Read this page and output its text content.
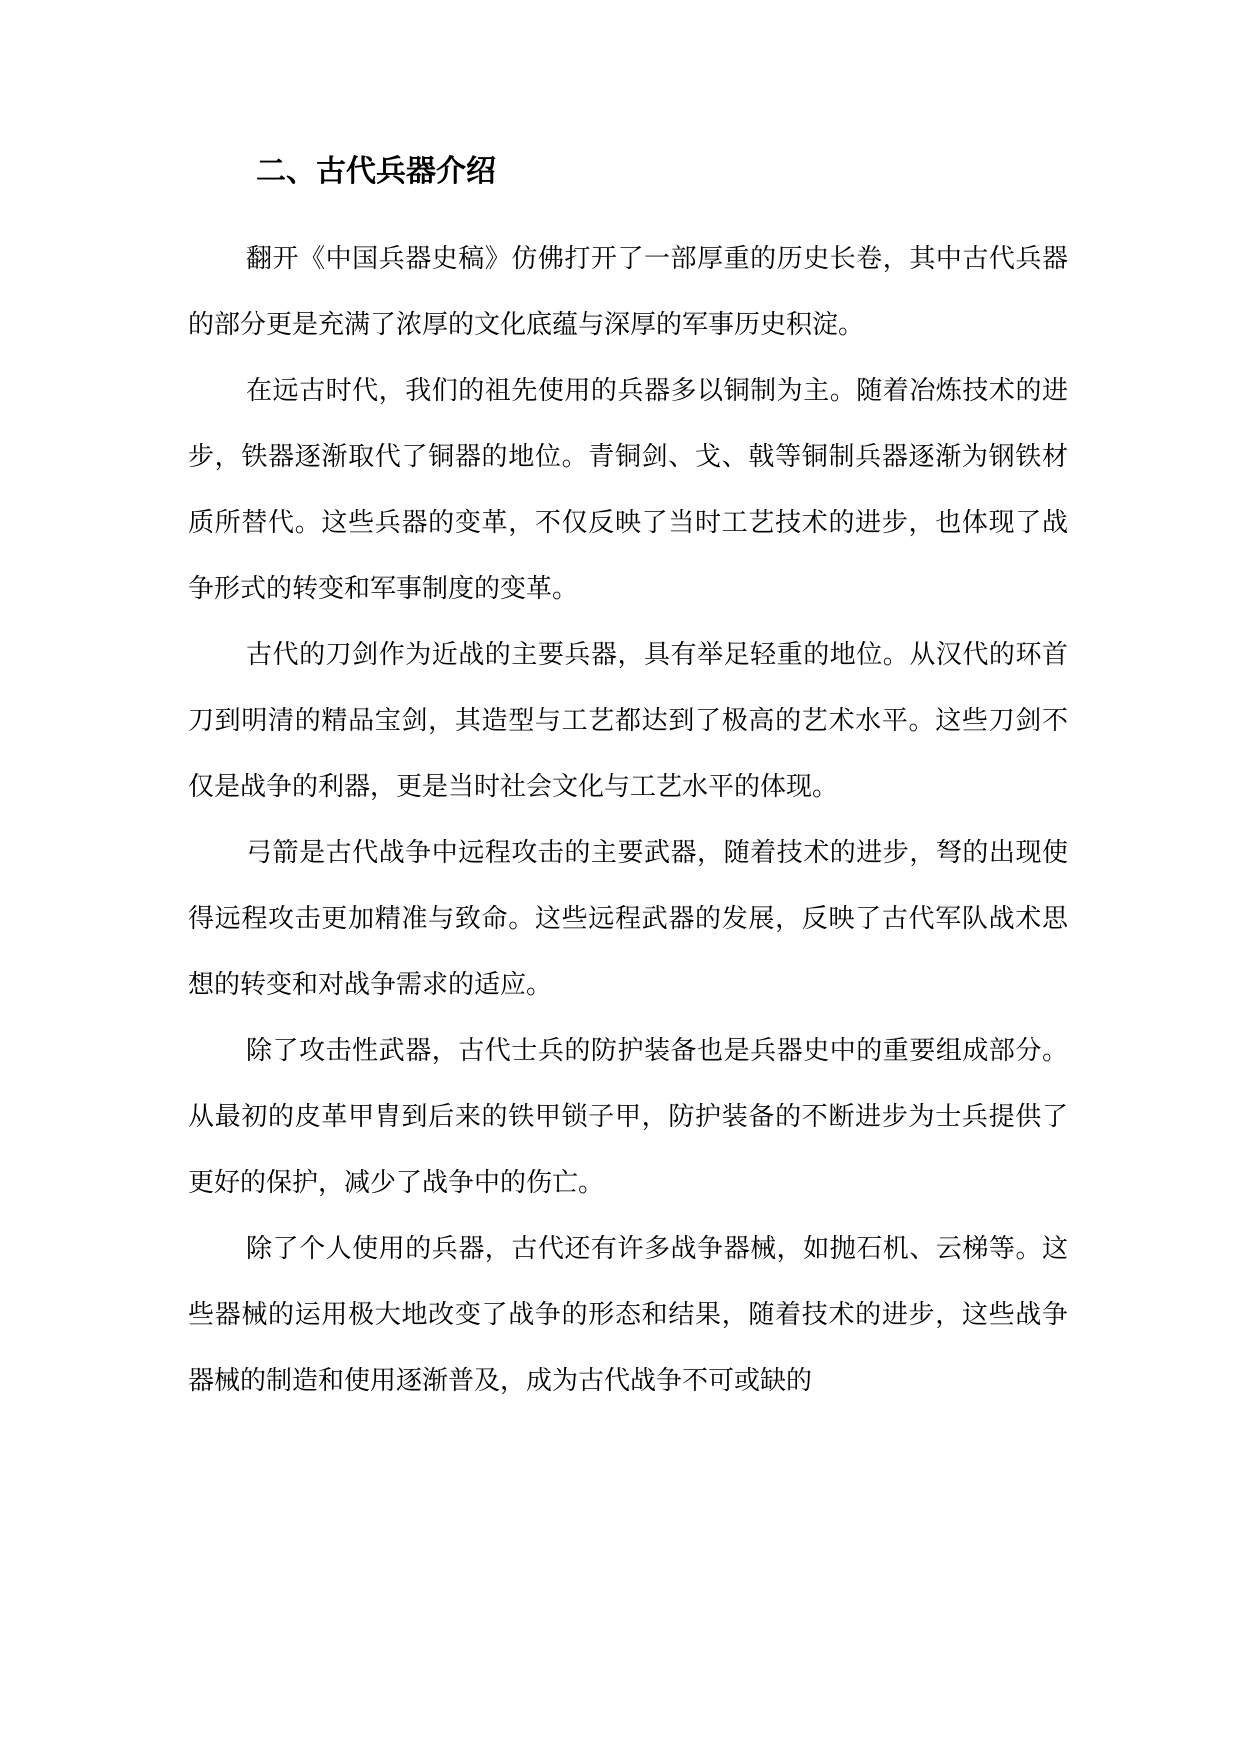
二、古代兵器介绍

翻开《中国兵器史稿》仿佛打开了一部厚重的历史长卷，其中古代兵器的部分更是充满了浓厚的文化底蕴与深厚的军事历史积淀。

在远古时代，我们的祖先使用的兵器多以铜制为主。随着冶炼技术的进步，铁器逐渐取代了铜器的地位。青铜剑、戈、戟等铜制兵器逐渐为钢铁材质所替代。这些兵器的变革，不仅反映了当时工艺技术的进步，也体现了战争形式的转变和军事制度的变革。

古代的刀剑作为近战的主要兵器，具有举足轻重的地位。从汉代的环首刀到明清的精品宝剑，其造型与工艺都达到了极高的艺术水平。这些刀剑不仅是战争的利器，更是当时社会文化与工艺水平的体现。

弓箭是古代战争中远程攻击的主要武器，随着技术的进步，弩的出现使得远程攻击更加精准与致命。这些远程武器的发展，反映了古代军队战术思想的转变和对战争需求的适应。

除了攻击性武器，古代士兵的防护装备也是兵器史中的重要组成部分。从最初的皮革甲胄到后来的铁甲锁子甲，防护装备的不断进步为士兵提供了更好的保护，减少了战争中的伤亡。

除了个人使用的兵器，古代还有许多战争器械，如抛石机、云梯等。这些器械的运用极大地改变了战争的形态和结果，随着技术的进步，这些战争器械的制造和使用逐渐普及，成为古代战争不可或缺的
